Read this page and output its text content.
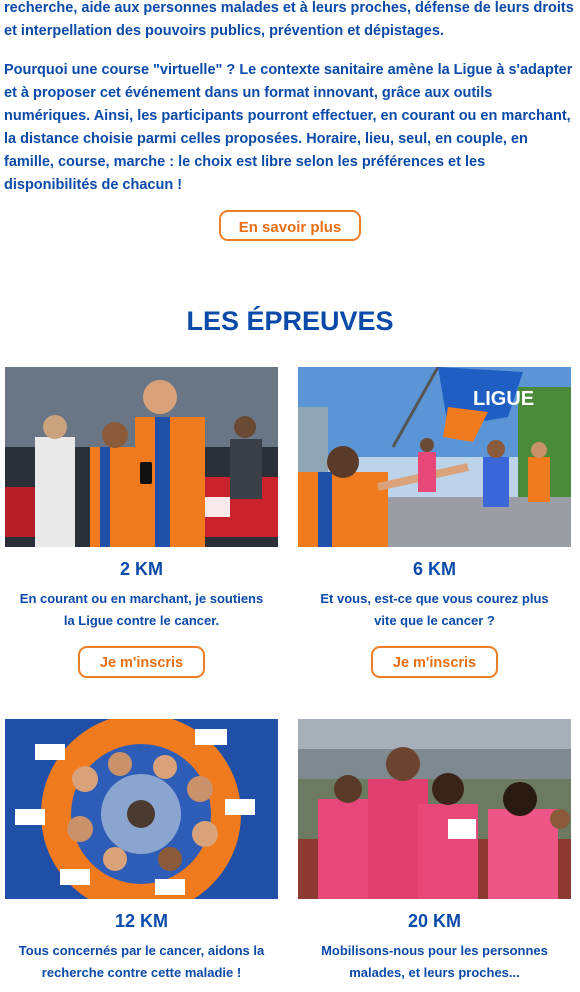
recherche, aide aux personnes malades et à leurs proches, défense de leurs droits et interpellation des pouvoirs publics, prévention et dépistages.

Pourquoi une course "virtuelle" ? Le contexte sanitaire amène la Ligue à s'adapter et à proposer cet événement dans un format innovant, grâce aux outils numériques. Ainsi, les participants pourront effectuer, en courant ou en marchant, la distance choisie parmi celles proposées. Horaire, lieu, seul, en couple, en famille, course, marche : le choix est libre selon les préférences et les disponibilités de chacun !

En savoir plus
LES ÉPREUVES
2 KM

En courant ou en marchant, je soutiens la Ligue contre le cancer.

Je m'inscris
LIGUE
6 KM

Et vous, est-ce que vous courez plus vite que le cancer ?

Je m'inscris
12 KM

Tous concernés par le cancer, aidons la recherche contre cette maladie !

20 KM

Mobilisons-nous pour les personnes malades, et leurs proches...
